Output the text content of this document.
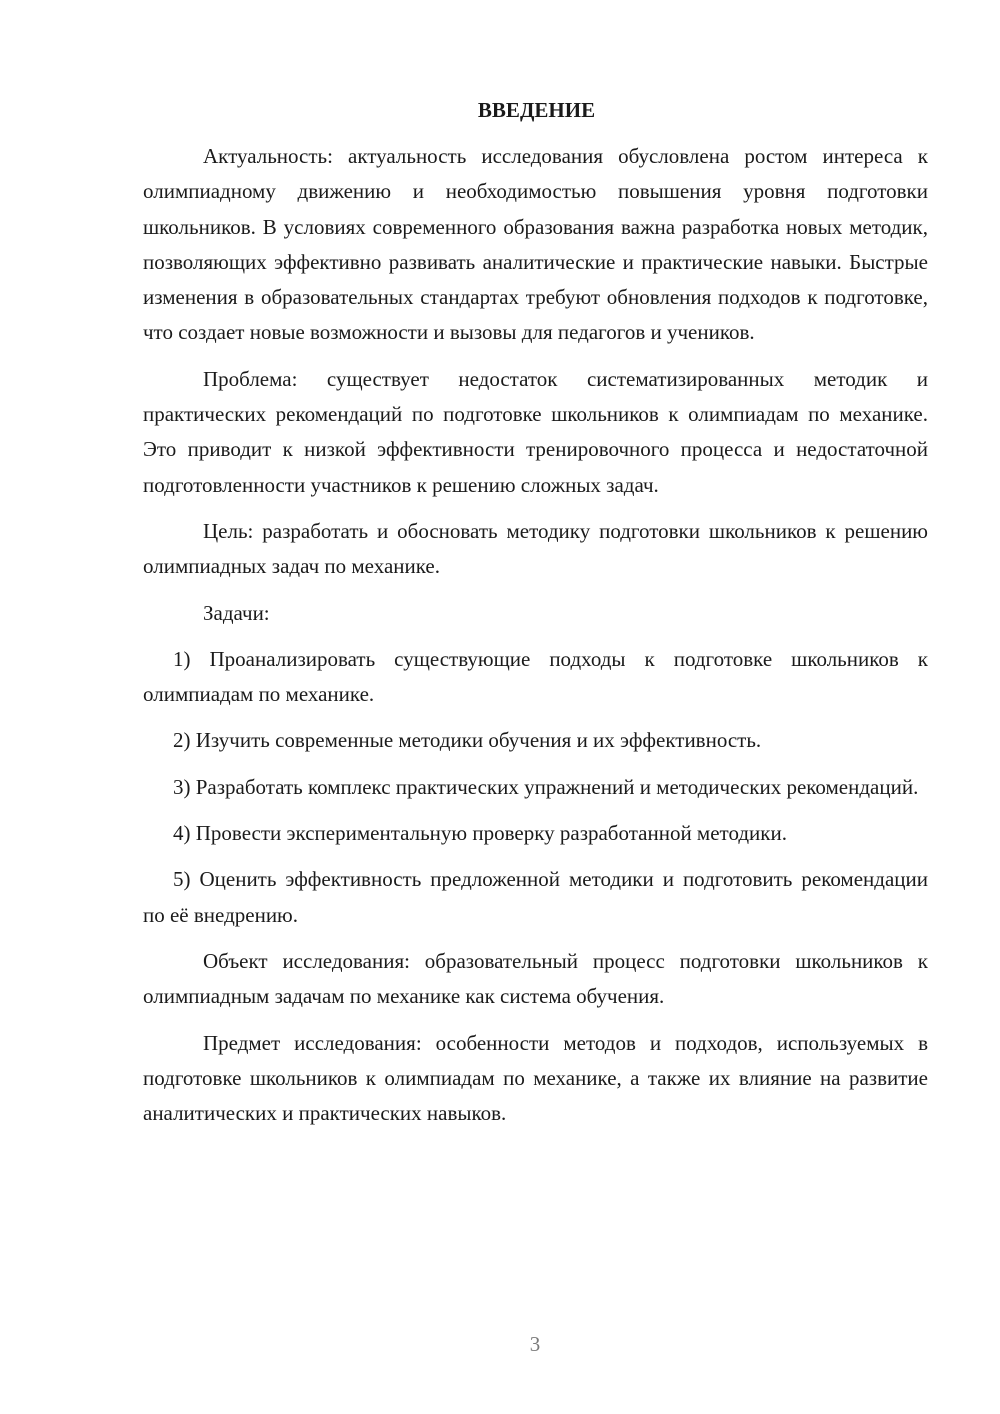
ВВЕДЕНИЕ

Актуальность: актуальность исследования обусловлена ростом интереса к олимпиадному движению и необходимостью повышения уровня подготовки школьников. В условиях современного образования важна разработка новых методик, позволяющих эффективно развивать аналитические и практические навыки. Быстрые изменения в образовательных стандартах требуют обновления подходов к подготовке, что создает новые возможности и вызовы для педагогов и учеников.

Проблема: существует недостаток систематизированных методик и практических рекомендаций по подготовке школьников к олимпиадам по механике. Это приводит к низкой эффективности тренировочного процесса и недостаточной подготовленности участников к решению сложных задач.

Цель: разработать и обосновать методику подготовки школьников к решению олимпиадных задач по механике.

Задачи:

1) Проанализировать существующие подходы к подготовке школьников к олимпиадам по механике.

2) Изучить современные методики обучения и их эффективность.

3) Разработать комплекс практических упражнений и методических рекомендаций.

4) Провести экспериментальную проверку разработанной методики.

5) Оценить эффективность предложенной методики и подготовить рекомендации по её внедрению.

Объект исследования: образовательный процесс подготовки школьников к олимпиадным задачам по механике как система обучения.

Предмет исследования: особенности методов и подходов, используемых в подготовке школьников к олимпиадам по механике, а также их влияние на развитие аналитических и практических навыков.

3
